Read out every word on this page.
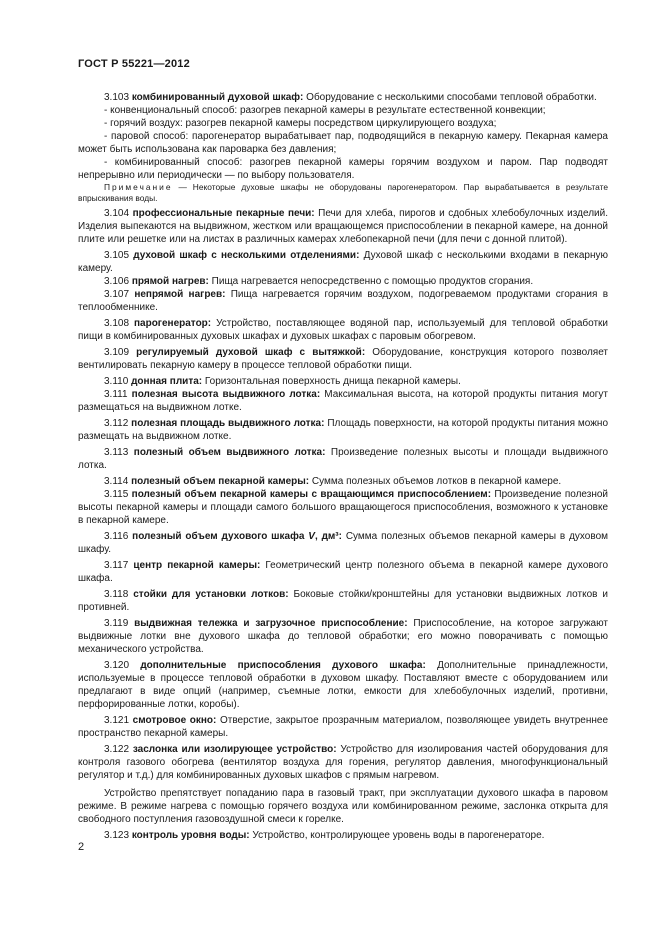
ГОСТ Р 55221—2012

3.103 комбинированный духовой шкаф: Оборудование с несколькими способами тепловой обработки.

- конвенциональный способ: разогрев пекарной камеры в результате естественной конвекции;

- горячий воздух: разогрев пекарной камеры посредством циркулирующего воздуха;

- паровой способ: парогенератор вырабатывает пар, подводящийся в пекарную камеру. Пекарная камера может быть использована как пароварка без давления;

- комбинированный способ: разогрев пекарной камеры горячим воздухом и паром. Пар подводят непрерывно или периодически — по выбору пользователя.

Примечание — Некоторые духовые шкафы не оборудованы парогенератором. Пар вырабатывается в результате впрыскивания воды.

3.104 профессиональные пекарные печи: Печи для хлеба, пирогов и сдобных хлебобулочных изделий. Изделия выпекаются на выдвижном, жестком или вращающемся приспособлении в пекарной камере, на донной плите или решетке или на листах в различных камерах хлебопекарной печи (для печи с донной плитой).

3.105 духовой шкаф с несколькими отделениями: Духовой шкаф с несколькими входами в пекарную камеру.

3.106 прямой нагрев: Пища нагревается непосредственно с помощью продуктов сгорания.

3.107 непрямой нагрев: Пища нагревается горячим воздухом, подогреваемом продуктами сгорания в теплообменнике.

3.108 парогенератор: Устройство, поставляющее водяной пар, используемый для тепловой обработки пищи в комбинированных духовых шкафах и духовых шкафах с паровым обогревом.

3.109 регулируемый духовой шкаф с вытяжкой: Оборудование, конструкция которого позволяет вентилировать пекарную камеру в процессе тепловой обработки пищи.

3.110 донная плита: Горизонтальная поверхность днища пекарной камеры.

3.111 полезная высота выдвижного лотка: Максимальная высота, на которой продукты питания могут размещаться на выдвижном лотке.

3.112 полезная площадь выдвижного лотка: Площадь поверхности, на которой продукты питания можно размещать на выдвижном лотке.

3.113 полезный объем выдвижного лотка: Произведение полезных высоты и площади выдвижного лотка.

3.114 полезный объем пекарной камеры: Сумма полезных объемов лотков в пекарной камере.

3.115 полезный объем пекарной камеры с вращающимся приспособлением: Произведение полезной высоты пекарной камеры и площади самого большого вращающегося приспособления, возможного к установке в пекарной камере.

3.116 полезный объем духового шкафа V, дм³: Сумма полезных объемов пекарной камеры в духовом шкафу.

3.117 центр пекарной камеры: Геометрический центр полезного объема в пекарной камере духового шкафа.

3.118 стойки для установки лотков: Боковые стойки/кронштейны для установки выдвижных лотков и противней.

3.119 выдвижная тележка и загрузочное приспособление: Приспособление, на которое загружают выдвижные лотки вне духового шкафа до тепловой обработки; его можно поворачивать с помощью механического устройства.

3.120 дополнительные приспособления духового шкафа: Дополнительные принадлежности, используемые в процессе тепловой обработки в духовом шкафу. Поставляют вместе с оборудованием или предлагают в виде опций (например, съемные лотки, емкости для хлебобулочных изделий, противни, перфорированные лотки, коробы).

3.121 смотровое окно: Отверстие, закрытое прозрачным материалом, позволяющее увидеть внутреннее пространство пекарной камеры.

3.122 заслонка или изолирующее устройство: Устройство для изолирования частей оборудования для контроля газового обогрева (вентилятор воздуха для горения, регулятор давления, многофункциональный регулятор и т.д.) для комбинированных духовых шкафов с прямым нагревом.

Устройство препятствует попаданию пара в газовый тракт, при эксплуатации духового шкафа в паровом режиме. В режиме нагрева с помощью горячего воздуха или комбинированном режиме, заслонка открыта для свободного поступления газовоздушной смеси к горелке.

3.123 контроль уровня воды: Устройство, контролирующее уровень воды в парогенераторе.

2
